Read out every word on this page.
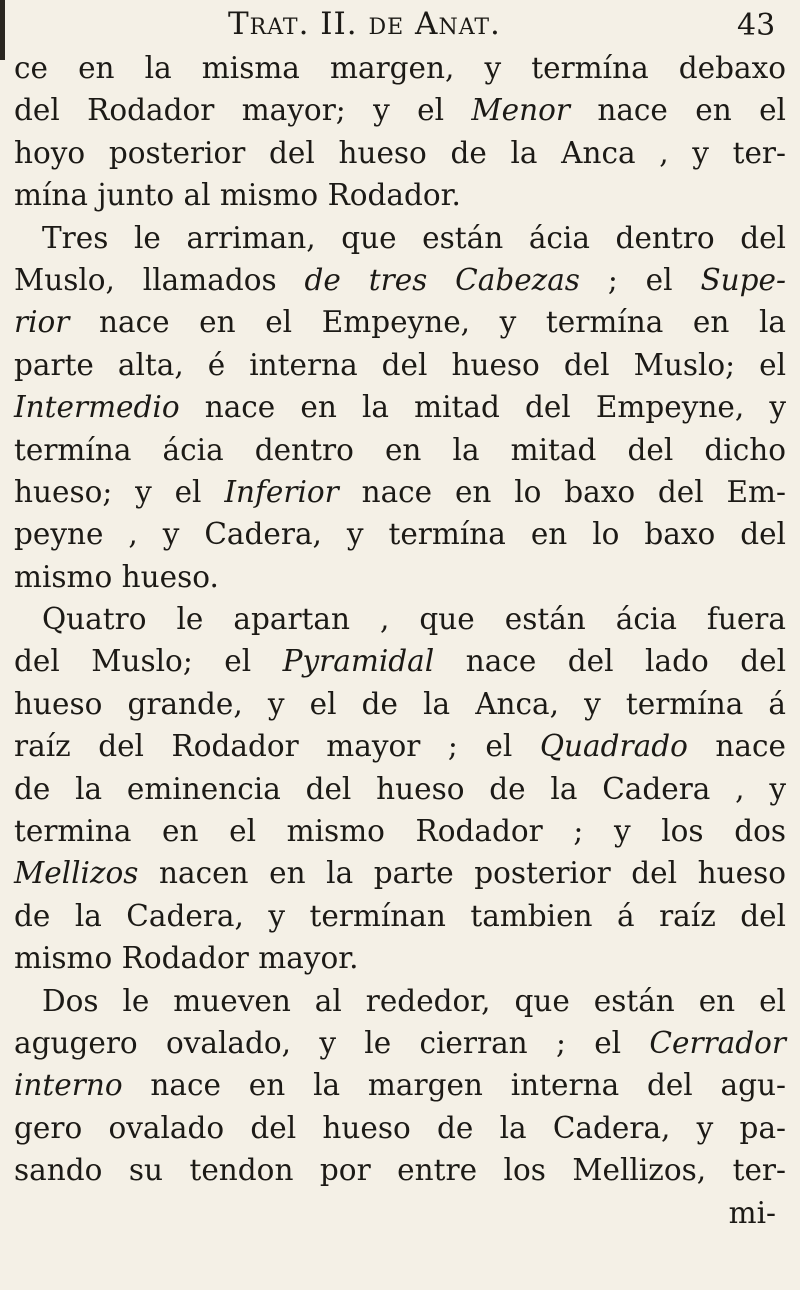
Trat. II. de Anat.	43
ce en la misma margen, y termína debaxo
del Rodador mayor; y el Menor nace en el
hoyo posterior del hueso de la Anca , y ter-
mína junto al mismo Rodador.
Tres le arriman, que están ácia dentro del
Muslo, llamados de tres Cabezas ; el Supe-
rior nace en el Empeyne, y termína en la
parte alta, é interna del hueso del Muslo; el
Intermedio nace en la mitad del Empeyne, y
termína ácia dentro en la mitad del dicho
hueso; y el Inferior nace en lo baxo del Em-
peyne , y Cadera, y termína en lo baxo del
mismo hueso.
Quatro le apartan , que están ácia fuera
del Muslo; el Pyramidal nace del lado del
hueso grande, y el de la Anca, y termína á
raíz del Rodador mayor ; el Quadrado nace
de la eminencia del hueso de la Cadera , y
termina en el mismo Rodador ; y los dos
Mellizos nacen en la parte posterior del hueso
de la Cadera, y termínan tambien á raíz del
mismo Rodador mayor.
Dos le mueven al rededor, que están en el
agugero ovalado, y le cierran ; el Cerrador
interno nace en la margen interna del agu-
gero ovalado del hueso de la Cadera, y pa-
sando su tendon por entre los Mellizos, ter-
mi-
